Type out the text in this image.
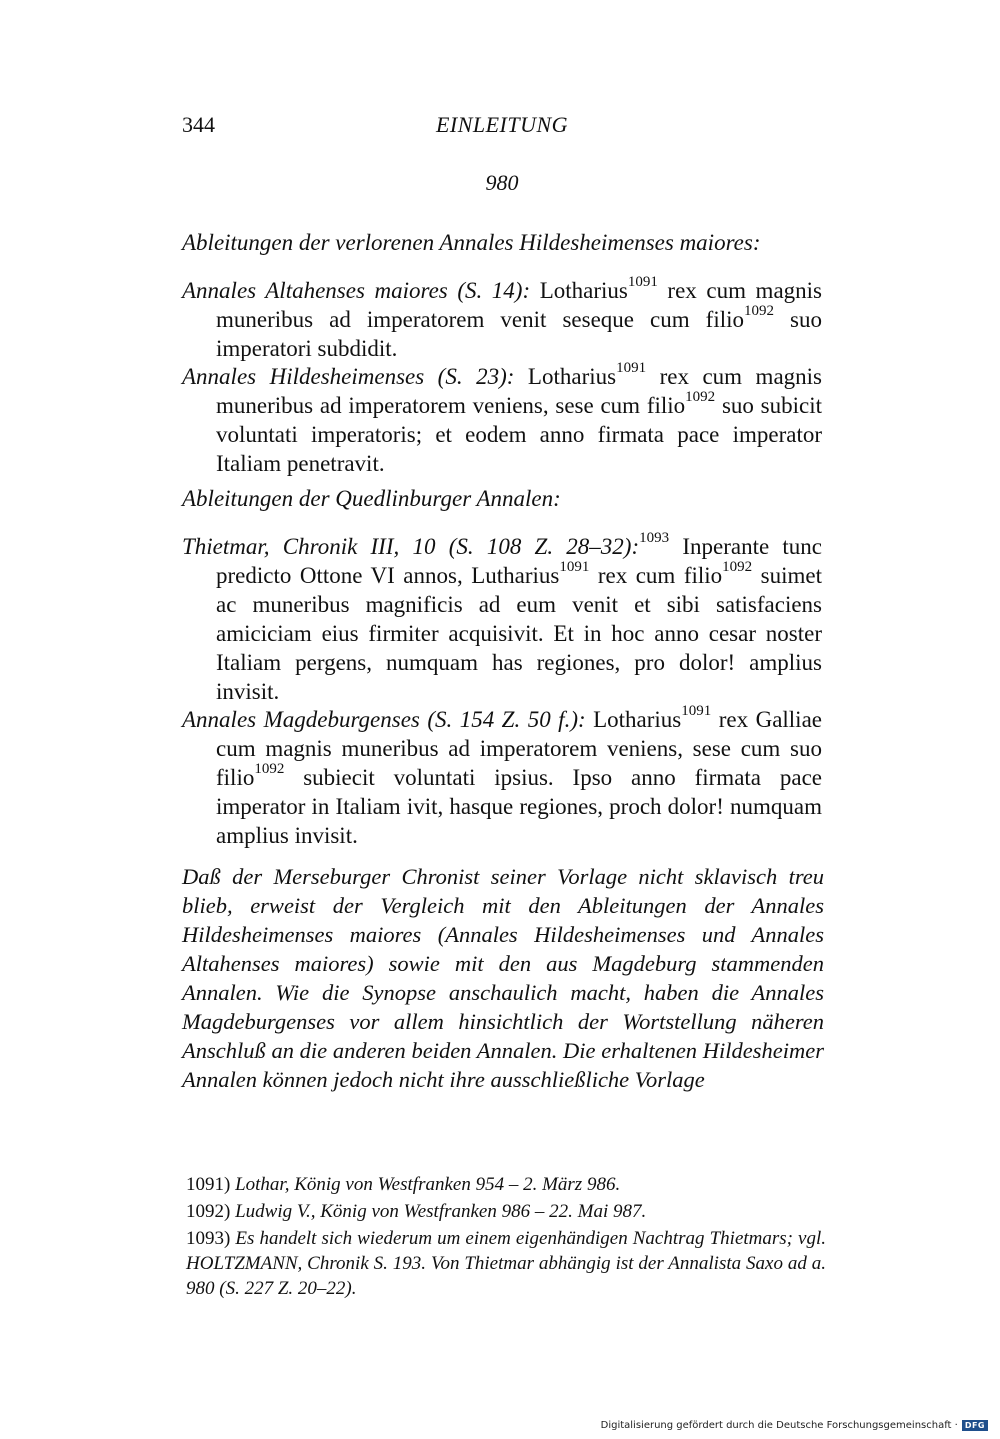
344	EINLEITUNG
980
Ableitungen der verlorenen Annales Hildesheimenses maiores:
Annales Altahenses maiores (S. 14): Lotharius$^{1091}$ rex cum magnis muneribus ad imperatorem venit seseque cum filio$^{1092}$ suo imperatori subdidit.
Annales Hildesheimenses (S. 23): Lotharius$^{1091}$ rex cum magnis muneribus ad imperatorem veniens, sese cum filio$^{1092}$ suo subicit voluntati imperatoris; et eodem anno firmata pace imperator Italiam penetravit.
Ableitungen der Quedlinburger Annalen:
Thietmar, Chronik III, 10 (S. 108 Z. 28–32):$^{1093}$ Inperante tunc predicto Ottone VI annos, Lutharius$^{1091}$ rex cum filio$^{1092}$ suimet ac muneribus magnificis ad eum venit et sibi satisfaciens amiciciam eius firmiter acquisivit. Et in hoc anno cesar noster Italiam pergens, numquam has regiones, pro dolor! amplius invisit.
Annales Magdeburgenses (S. 154 Z. 50 f.): Lotharius$^{1091}$ rex Galliae cum magnis muneribus ad imperatorem veniens, sese cum suo filio$^{1092}$ subiecit voluntati ipsius. Ipso anno firmata pace imperator in Italiam ivit, hasque regiones, proch dolor! numquam amplius invisit.
Daß der Merseburger Chronist seiner Vorlage nicht sklavisch treu blieb, erweist der Vergleich mit den Ableitungen der Annales Hildesheimenses maiores (Annales Hildesheimenses und Annales Altahenses maiores) sowie mit den aus Magdeburg stammenden Annalen. Wie die Synopse anschaulich macht, haben die Annales Magdeburgenses vor allem hinsichtlich der Wortstellung näheren Anschluß an die anderen beiden Annalen. Die erhaltenen Hildesheimer Annalen können jedoch nicht ihre ausschließliche Vorlage
1091) Lothar, König von Westfranken 954 – 2. März 986.
1092) Ludwig V., König von Westfranken 986 – 22. Mai 987.
1093) Es handelt sich wiederum um einem eigenhändigen Nachtrag Thietmars; vgl. HOLTZMANN, Chronik S. 193. Von Thietmar abhängig ist der Annalista Saxo ad a. 980 (S. 227 Z. 20–22).
Digitalisierung gefördert durch die Deutsche Forschungsgemeinschaft · DFG
